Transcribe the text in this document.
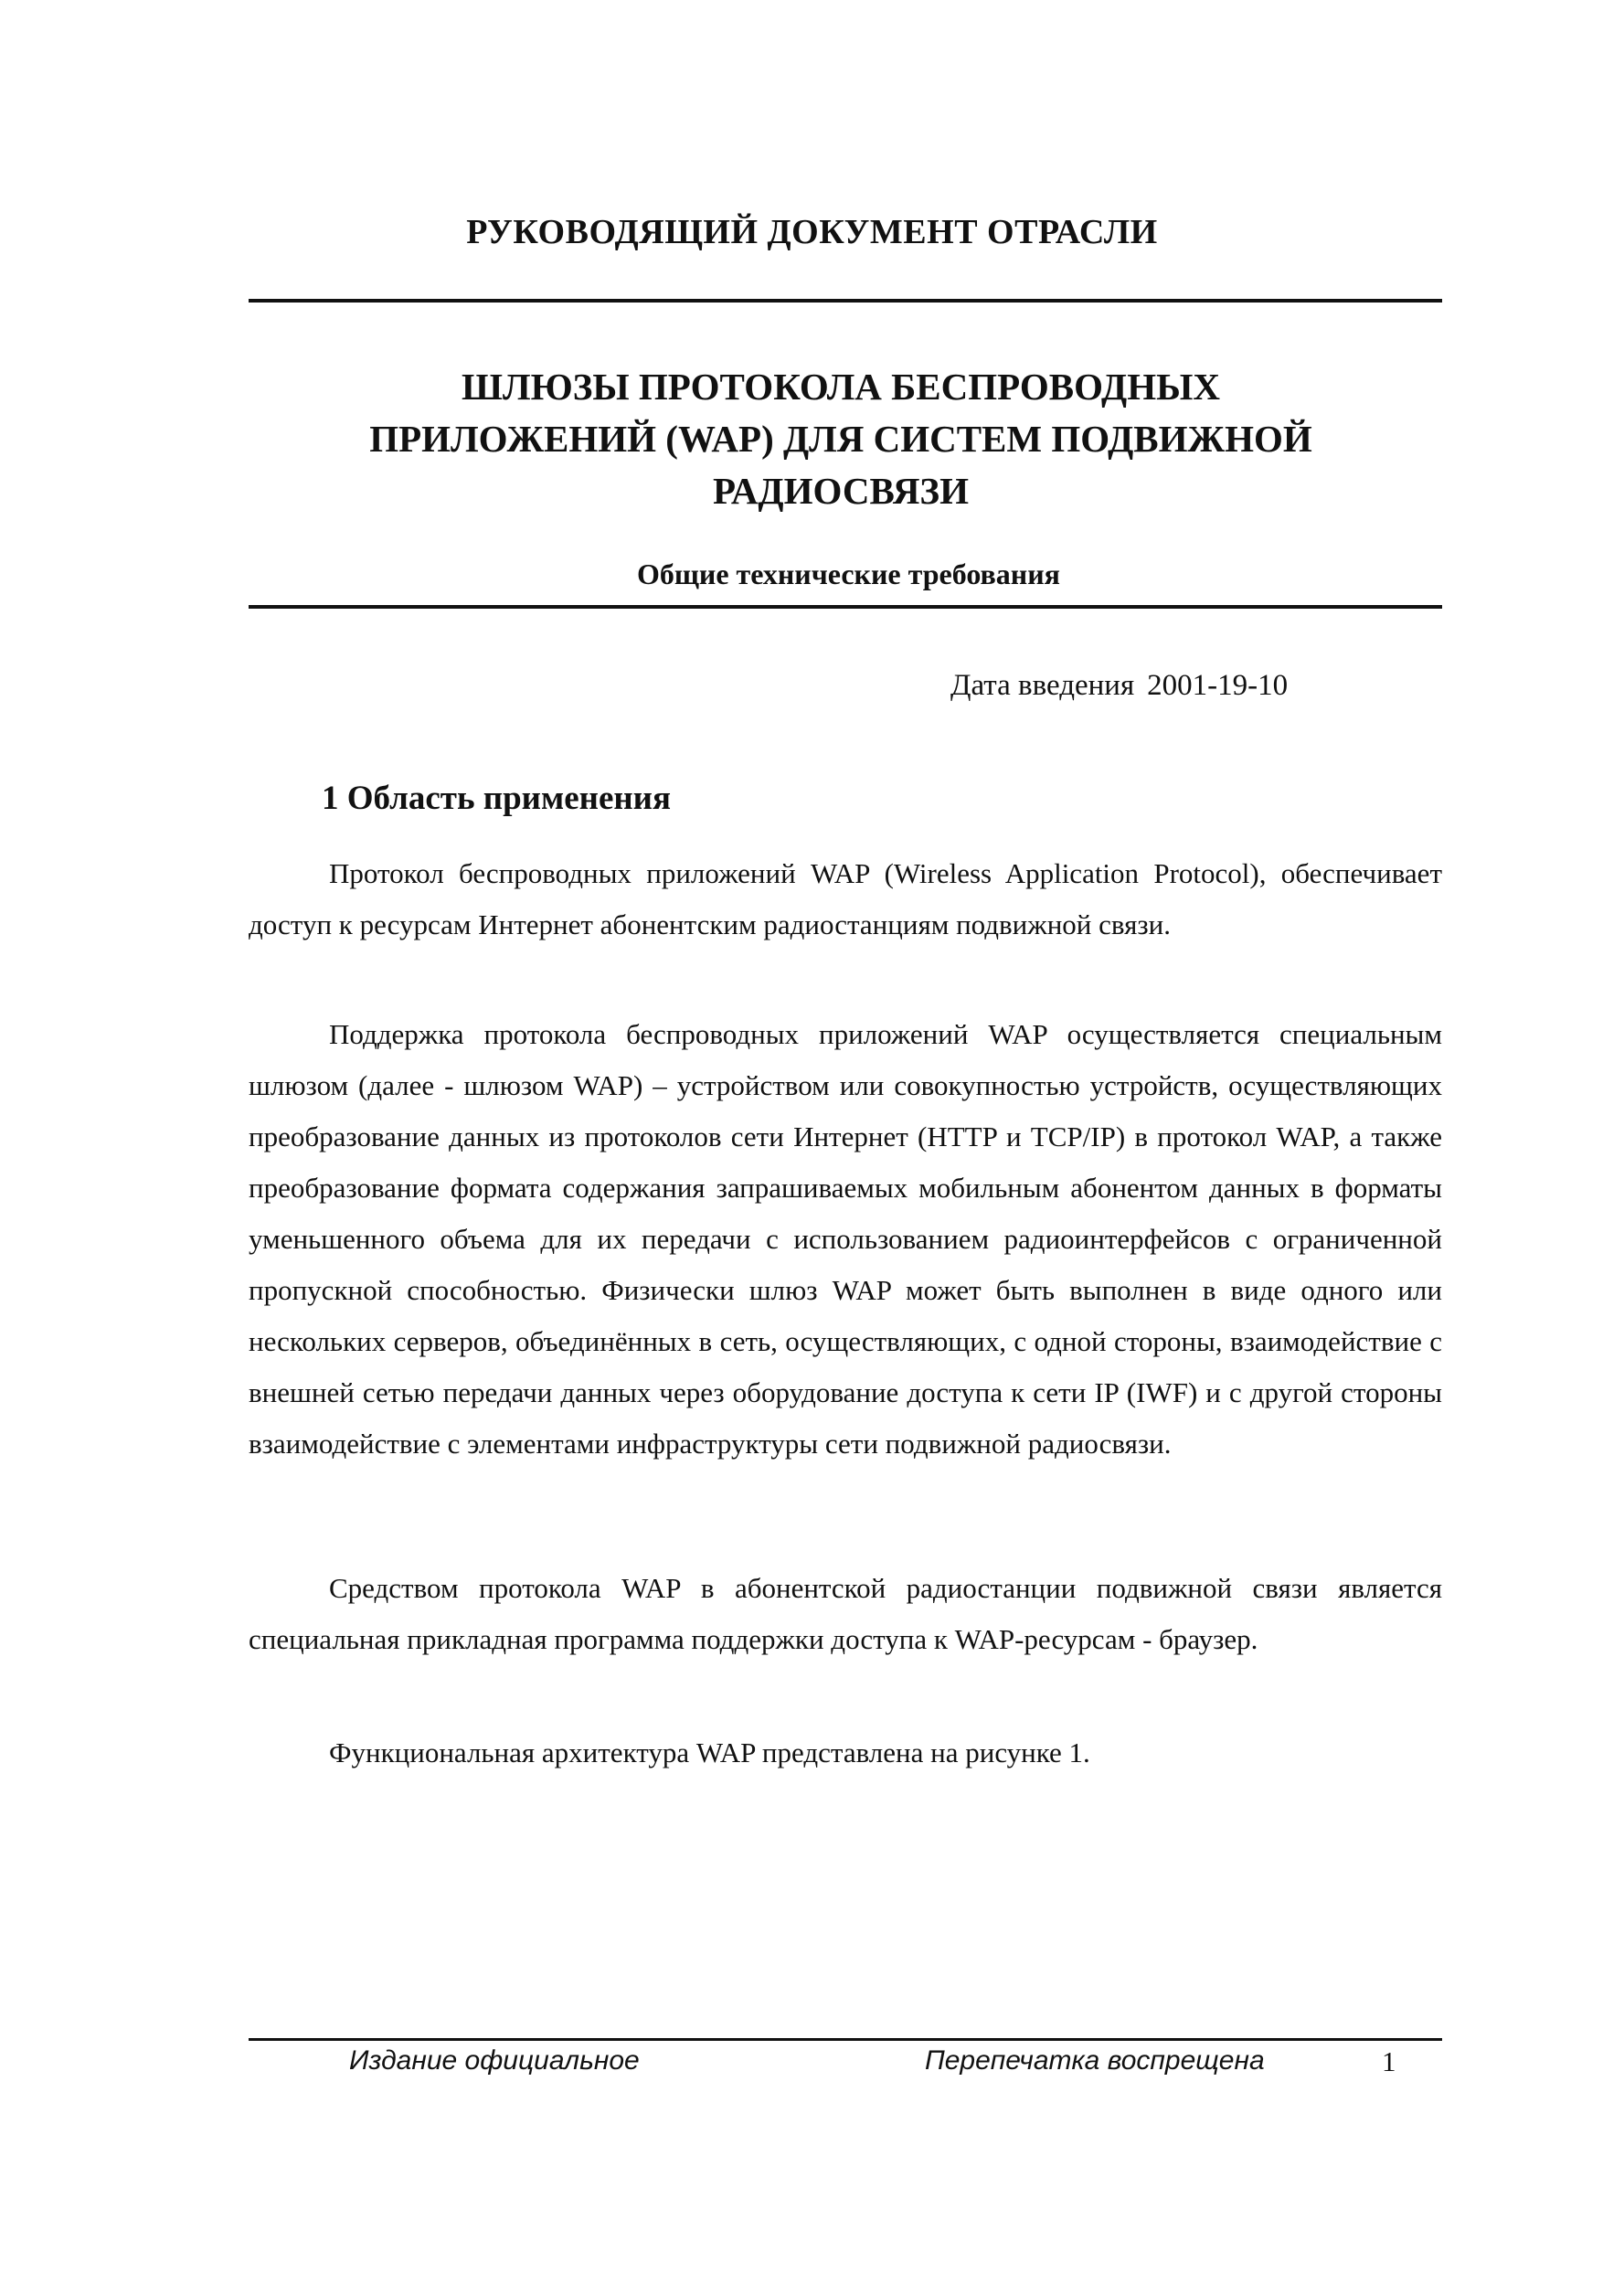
РУКОВОДЯЩИЙ ДОКУМЕНТ ОТРАСЛИ
ШЛЮЗЫ ПРОТОКОЛА БЕСПРОВОДНЫХ
ПРИЛОЖЕНИЙ (WAP) ДЛЯ СИСТЕМ ПОДВИЖНОЙ
РАДИОСВЯЗИ
Общие технические требования
Дата введения 2001-19-10
1 Область применения

Протокол беспроводных приложений WAP (Wireless Application Protocol), обеспечивает доступ к ресурсам Интернет абонентским радиостанциям подвижной связи.

Поддержка протокола беспроводных приложений WAP осуществляется специальным шлюзом (далее - шлюзом WAP) – устройством или совокупностью устройств, осуществляющих преобразование данных из протоколов сети Интернет (HTTP и TCP/IP) в протокол WAP, а также преобразование формата содержания запрашиваемых мобильным абонентом данных в форматы уменьшенного объема для их передачи с использованием радиоинтерфейсов с ограниченной пропускной способностью. Физически шлюз WAP может быть выполнен в виде одного или нескольких серверов, объединённых в сеть, осуществляющих, с одной стороны, взаимодействие с внешней сетью передачи данных через оборудование доступа к сети IP (IWF) и с другой стороны взаимодействие с элементами инфраструктуры сети подвижной радиосвязи.

Средством протокола WAP в абонентской радиостанции подвижной связи является специальная прикладная программа поддержки доступа к WAP-ресурсам - браузер.

Функциональная архитектура WAP представлена на рисунке 1.

Издание официальное	Перепечатка воспрещена	1
